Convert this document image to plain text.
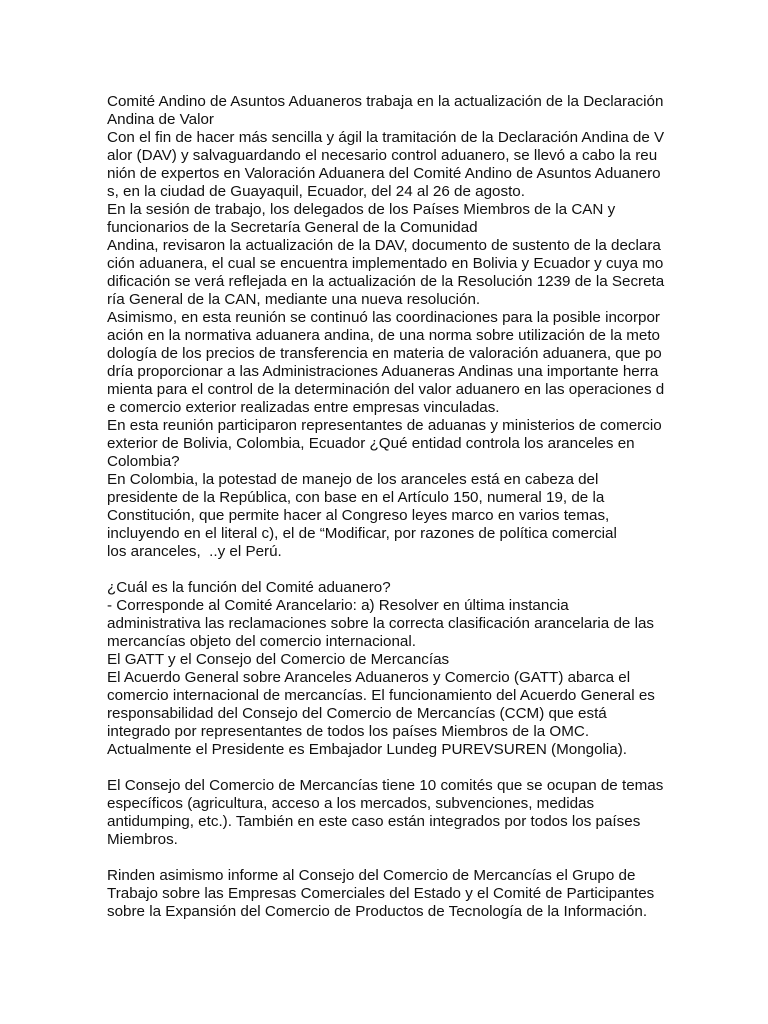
Comité Andino de Asuntos Aduaneros trabaja en la actualización de la Declaración
Andina de Valor
Con el fin de hacer más sencilla y ágil la tramitación de la Declaración Andina de V
alor (DAV) y salvaguardando el necesario control aduanero, se llevó a cabo la reu
nión de expertos en Valoración Aduanera del Comité Andino de Asuntos Aduanero
s, en la ciudad de Guayaquil, Ecuador, del 24 al 26 de agosto.
En la sesión de trabajo, los delegados de los Países Miembros de la CAN y
funcionarios de la Secretaría General de la Comunidad
Andina, revisaron la actualización de la DAV, documento de sustento de la declara
ción aduanera, el cual se encuentra implementado en Bolivia y Ecuador y cuya mo
dificación se verá reflejada en la actualización de la Resolución 1239 de la Secreta
ría General de la CAN, mediante una nueva resolución.
Asimismo, en esta reunión se continuó las coordinaciones para la posible incorpor
ación en la normativa aduanera andina, de una norma sobre utilización de la meto
dología de los precios de transferencia en materia de valoración aduanera, que po
dría proporcionar a las Administraciones Aduaneras Andinas una importante herra
mienta para el control de la determinación del valor aduanero en las operaciones d
e comercio exterior realizadas entre empresas vinculadas.
En esta reunión participaron representantes de aduanas y ministerios de comercio
exterior de Bolivia, Colombia, Ecuador ¿Qué entidad controla los aranceles en
Colombia?
En Colombia, la potestad de manejo de los aranceles está en cabeza del
presidente de la República, con base en el Artículo 150, numeral 19, de la
Constitución, que permite hacer al Congreso leyes marco en varios temas,
incluyendo en el literal c), el de “Modificar, por razones de política comercial
los aranceles,  ..y el Perú.
¿Cuál es la función del Comité aduanero?
- Corresponde al Comité Arancelario: a) Resolver en última instancia
administrativa las reclamaciones sobre la correcta clasificación arancelaria de las
mercancías objeto del comercio internacional.
El GATT y el Consejo del Comercio de Mercancías
El Acuerdo General sobre Aranceles Aduaneros y Comercio (GATT) abarca el
comercio internacional de mercancías. El funcionamiento del Acuerdo General es
responsabilidad del Consejo del Comercio de Mercancías (CCM) que está
integrado por representantes de todos los países Miembros de la OMC.
Actualmente el Presidente es Embajador Lundeg PUREVSUREN (Mongolia).
El Consejo del Comercio de Mercancías tiene 10 comités que se ocupan de temas
específicos (agricultura, acceso a los mercados, subvenciones, medidas
antidumping, etc.). También en este caso están integrados por todos los países
Miembros.
Rinden asimismo informe al Consejo del Comercio de Mercancías el Grupo de
Trabajo sobre las Empresas Comerciales del Estado y el Comité de Participantes
sobre la Expansión del Comercio de Productos de Tecnología de la Información.
